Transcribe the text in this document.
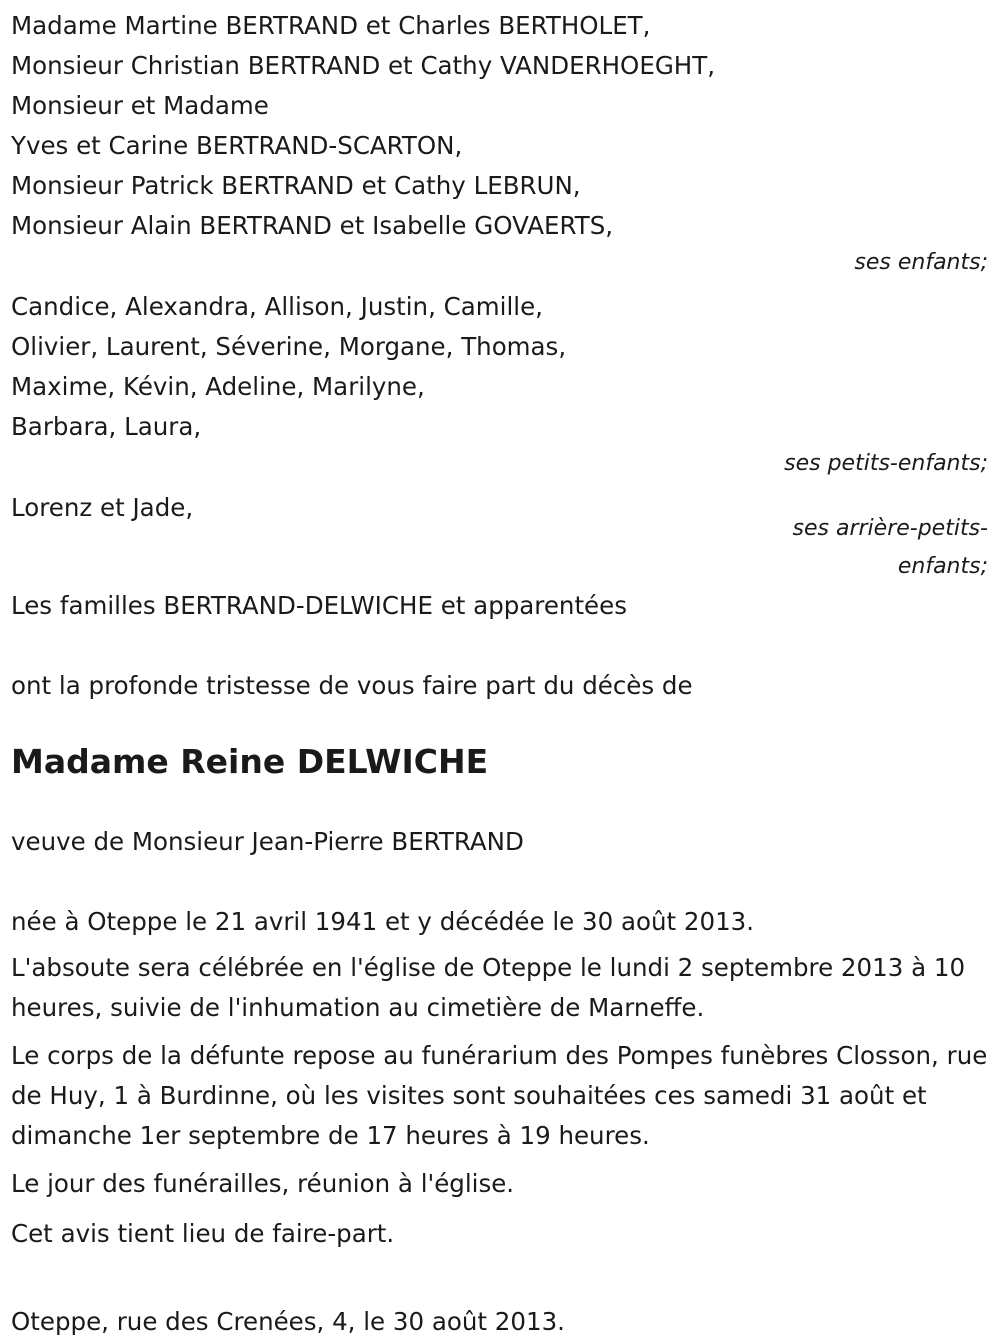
Madame Martine BERTRAND et Charles BERTHOLET,
Monsieur Christian BERTRAND et Cathy VANDERHOEGHT,
Monsieur et Madame
Yves et Carine BERTRAND-SCARTON,
Monsieur Patrick BERTRAND et Cathy LEBRUN,
Monsieur Alain BERTRAND et Isabelle GOVAERTS,
ses enfants;
Candice, Alexandra, Allison, Justin, Camille,
Olivier, Laurent, Séverine, Morgane, Thomas,
Maxime, Kévin, Adeline, Marilyne,
Barbara, Laura,
ses petits-enfants;
Lorenz et Jade,
ses arrière-petits-
enfants;
Les familles BERTRAND-DELWICHE et apparentées
ont la profonde tristesse de vous faire part du décès de
Madame Reine DELWICHE
veuve de Monsieur Jean-Pierre BERTRAND
née à Oteppe le 21 avril 1941 et y décédée le 30 août 2013.
L'absoute sera célébrée en l'église de Oteppe le lundi 2 septembre 2013 à 10 heures, suivie de l'inhumation au cimetière de Marneffe.
Le corps de la défunte repose au funérarium des Pompes funèbres Closson, rue de Huy, 1 à Burdinne, où les visites sont souhaitées ces samedi 31 août et dimanche 1er septembre de 17 heures à 19 heures.
Le jour des funérailles, réunion à l'église.
Cet avis tient lieu de faire-part.
Oteppe, rue des Crenées, 4, le 30 août 2013.
